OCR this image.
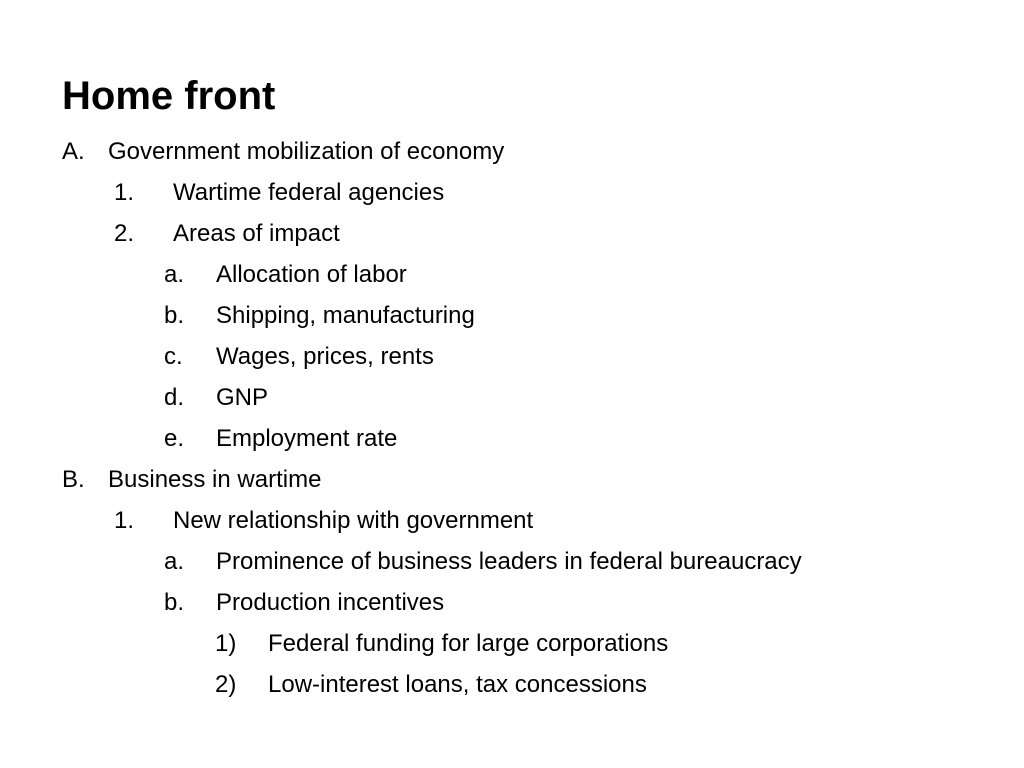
Home front
A. Government mobilization of economy
1. Wartime federal agencies
2. Areas of impact
a. Allocation of labor
b. Shipping, manufacturing
c. Wages, prices, rents
d. GNP
e. Employment rate
B. Business in wartime
1. New relationship with government
a. Prominence of business leaders in federal bureaucracy
b. Production incentives
1) Federal funding for large corporations
2) Low-interest loans, tax concessions
